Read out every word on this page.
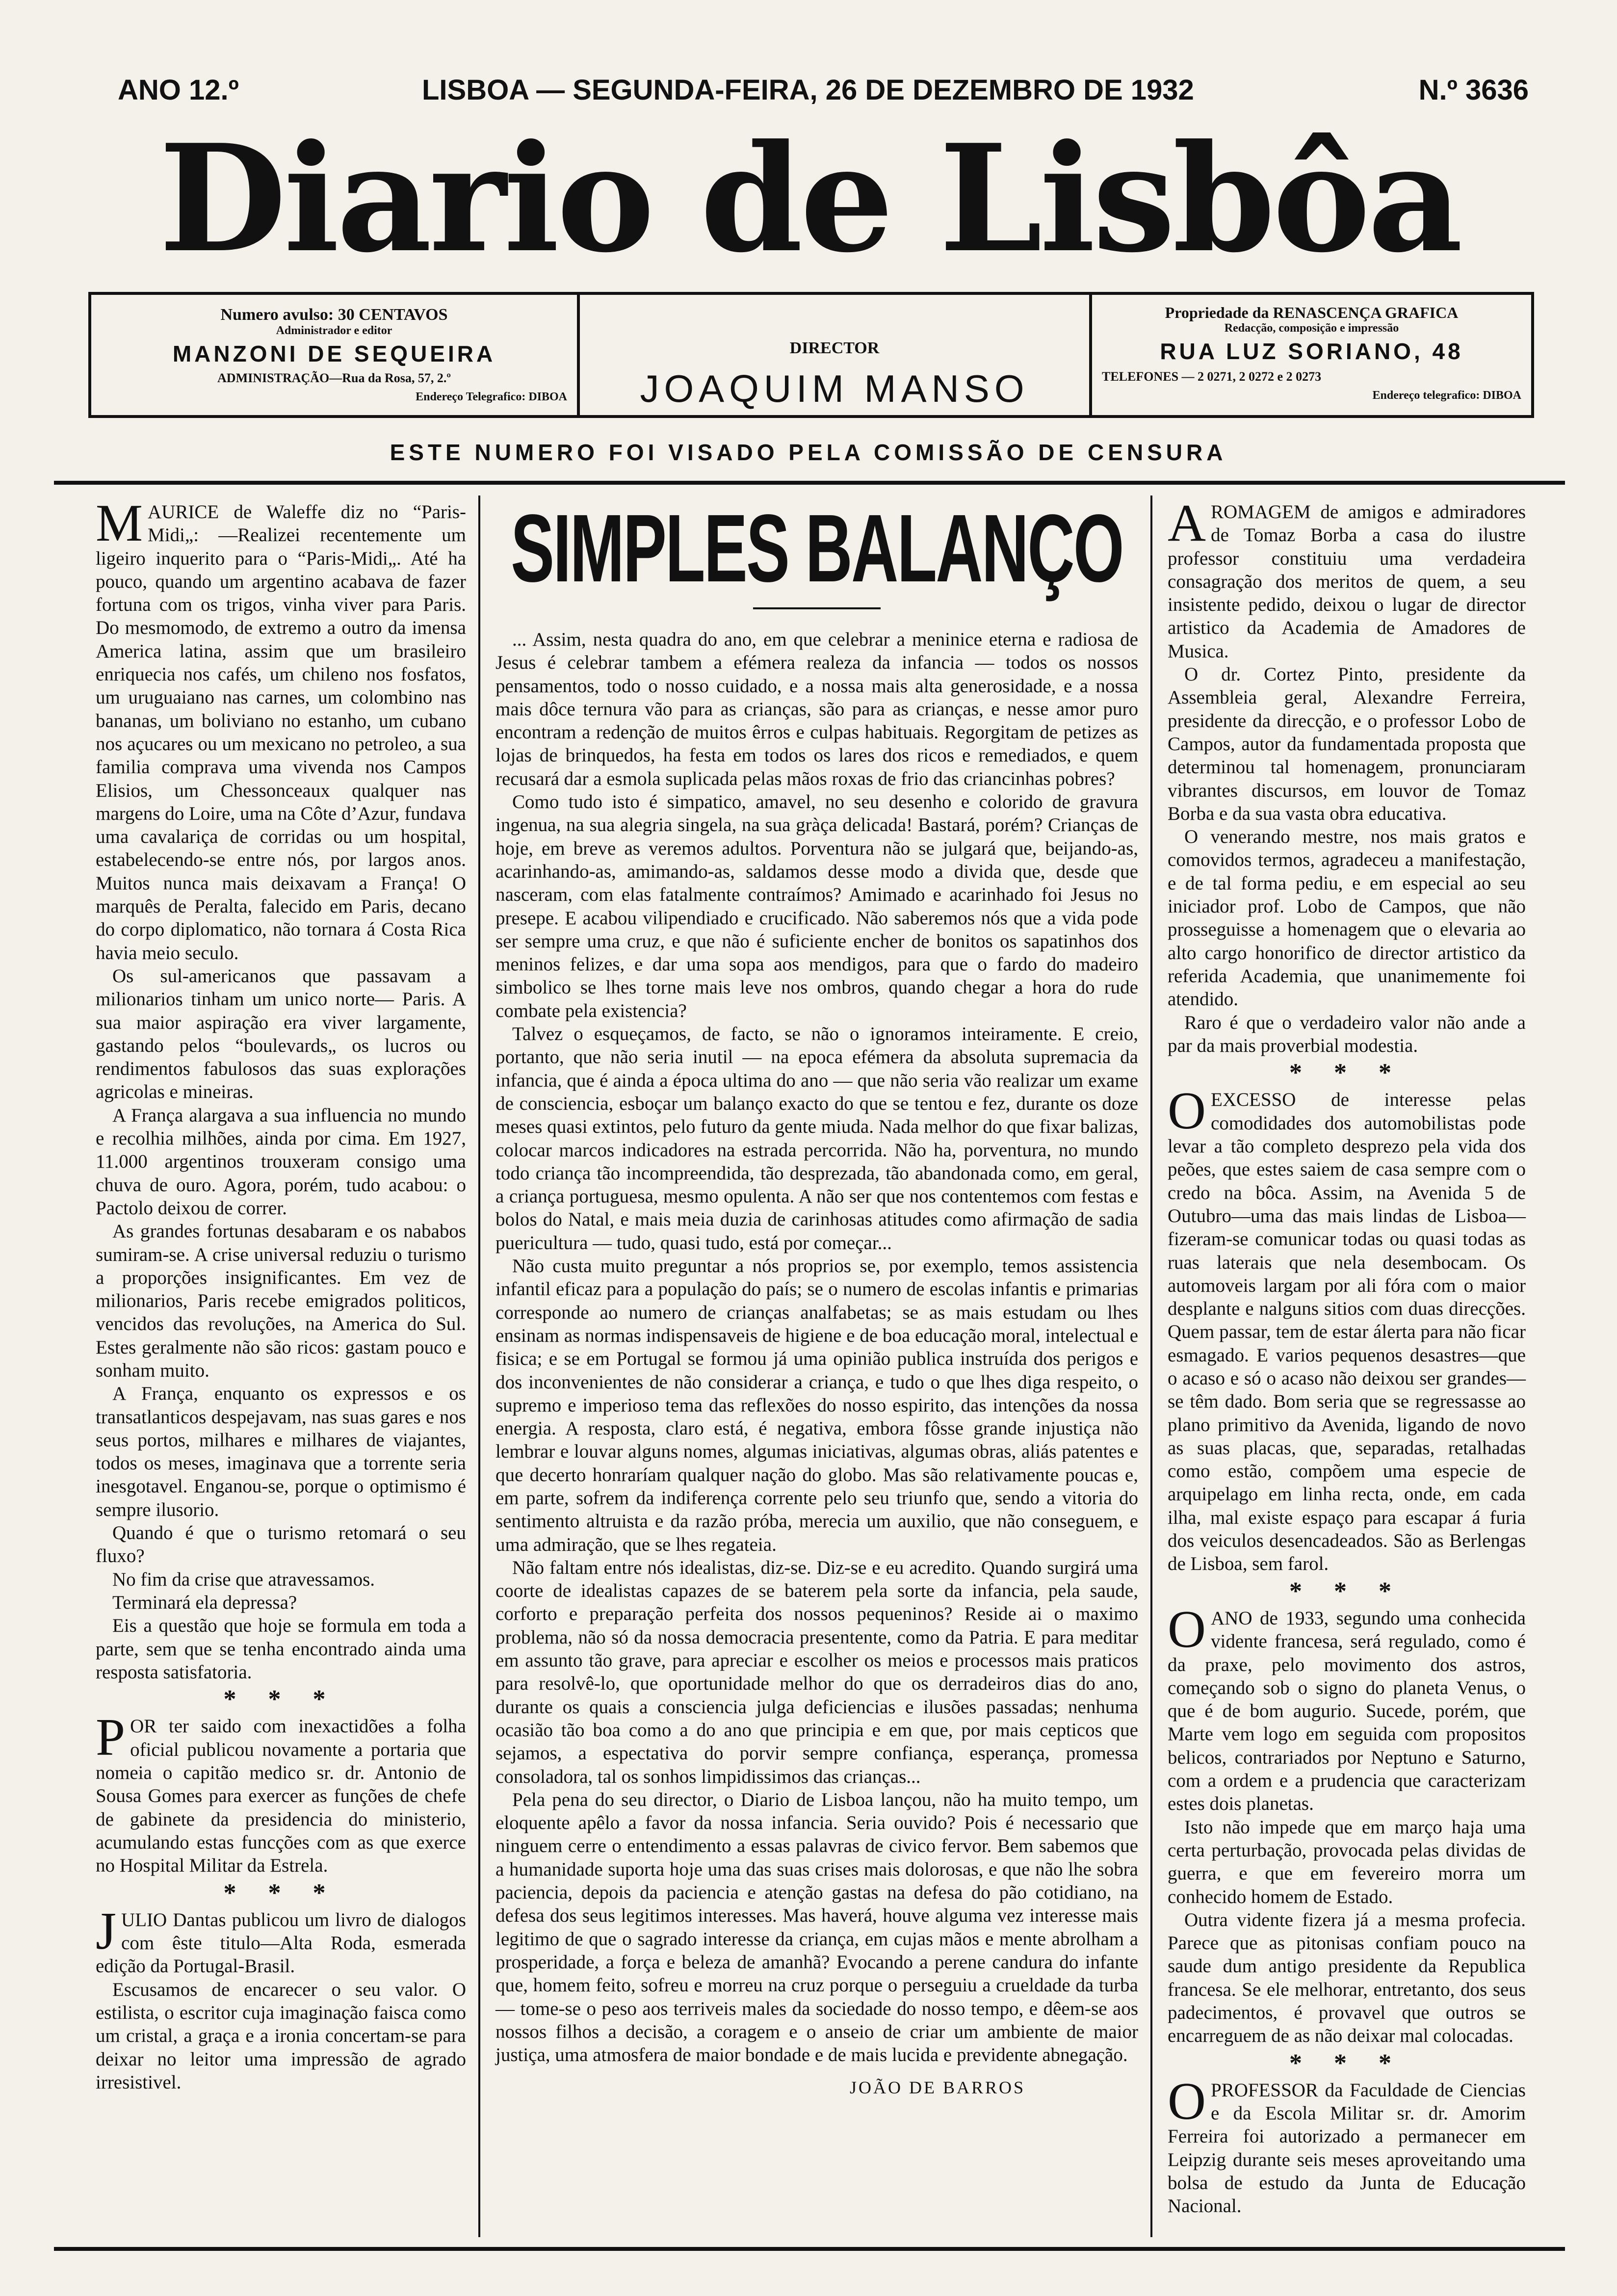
ANO 12.º	LISBOA — SEGUNDA-FEIRA, 26 DE DEZEMBRO DE 1932	N.º 3636
Diario de Lisbôa
Numero avulso: 30 CENTAVOS
Administrador e editor
MANZONI DE SEQUEIRA
ADMINISTRAÇÃO—Rua da Rosa, 57, 2.º
Endereço Telegrafico: DIBOA
DIRECTOR
JOAQUIM MANSO
Propriedade da RENASCENÇA GRAFICA
Redacção, composição e impressão
RUA LUZ SORIANO, 48
TELEFONES — 2 0271, 2 0272 e 2 0273
Endereço telegrafico: DIBOA
ESTE NUMERO FOI VISADO PELA COMISSÃO DE CENSURA

MAURICE de Waleffe diz no “Paris-Midi„: —Realizei recentemente um ligeiro inquerito para o “Paris-Midi„. Até ha pouco, quando um argentino acabava de fazer fortuna com os trigos, vinha viver para Paris. Do mesmomodo, de extremo a outro da imensa America latina, assim que um brasileiro enriquecia nos cafés, um chileno nos fosfatos, um uruguaiano nas carnes, um colombino nas bananas, um boliviano no estanho, um cubano nos açucares ou um mexicano no petroleo, a sua familia comprava uma vivenda nos Campos Elisios, um Chessonceaux qualquer nas margens do Loire, uma na Côte d’Azur, fundava uma cavalariça de corridas ou um hospital, estabelecendo-se entre nós, por largos anos. Muitos nunca mais deixavam a França! O marquês de Peralta, falecido em Paris, decano do corpo diplomatico, não tornara á Costa Rica havia meio seculo.

Os sul-americanos que passavam a milionarios tinham um unico norte— Paris. A sua maior aspiração era viver largamente, gastando pelos “boulevards„ os lucros ou rendimentos fabulosos das suas explorações agricolas e mineiras.

A França alargava a sua influencia no mundo e recolhia milhões, ainda por cima. Em 1927, 11.000 argentinos trouxeram consigo uma chuva de ouro. Agora, porém, tudo acabou: o Pactolo deixou de correr.

As grandes fortunas desabaram e os nababos sumiram-se. A crise universal reduziu o turismo a proporções insignificantes. Em vez de milionarios, Paris recebe emigrados politicos, vencidos das revoluções, na America do Sul. Estes geralmente não são ricos: gastam pouco e sonham muito.

A França, enquanto os expressos e os transatlanticos despejavam, nas suas gares e nos seus portos, milhares e milhares de viajantes, todos os meses, imaginava que a torrente seria inesgotavel. Enganou-se, porque o optimismo é sempre ilusorio.

Quando é que o turismo retomará o seu fluxo?

No fim da crise que atravessamos.

Terminará ela depressa?

Eis a questão que hoje se formula em toda a parte, sem que se tenha encontrado ainda uma resposta satisfatoria.

* * *

POR ter saido com inexactidões a folha oficial publicou novamente a portaria que nomeia o capitão medico sr. dr. Antonio de Sousa Gomes para exercer as funções de chefe de gabinete da presidencia do ministerio, acumulando estas funcções com as que exerce no Hospital Militar da Estrela.

* * *

JULIO Dantas publicou um livro de dialogos com êste titulo—Alta Roda, esmerada edição da Portugal-Brasil.

Escusamos de encarecer o seu valor. O estilista, o escritor cuja imaginação faisca como um cristal, a graça e a ironia concertam-se para deixar no leitor uma impressão de agrado irresistivel.

SIMPLES BALANÇO

... Assim, nesta quadra do ano, em que celebrar a meninice eterna e radiosa de Jesus é celebrar tambem a efémera realeza da infancia — todos os nossos pensamentos, todo o nosso cuidado, e a nossa mais alta generosidade, e a nossa mais dôce ternura vão para as crianças, são para as crianças, e nesse amor puro encontram a redenção de muitos êrros e culpas habituais. Regorgitam de petizes as lojas de brinquedos, ha festa em todos os lares dos ricos e remediados, e quem recusará dar a esmola suplicada pelas mãos roxas de frio das criancinhas pobres?

Como tudo isto é simpatico, amavel, no seu desenho e colorido de gravura ingenua, na sua alegria singela, na sua gràça delicada! Bastará, porém? Crianças de hoje, em breve as veremos adultos. Porventura não se julgará que, beijando-as, acarinhando-as, amimando-as, saldamos desse modo a divida que, desde que nasceram, com elas fatalmente contraímos? Amimado e acarinhado foi Jesus no presepe. E acabou vilipendiado e crucificado. Não saberemos nós que a vida pode ser sempre uma cruz, e que não é suficiente encher de bonitos os sapatinhos dos meninos felizes, e dar uma sopa aos mendigos, para que o fardo do madeiro simbolico se lhes torne mais leve nos ombros, quando chegar a hora do rude combate pela existencia?

Talvez o esqueçamos, de facto, se não o ignoramos inteiramente. E creio, portanto, que não seria inutil — na epoca efémera da absoluta supremacia da infancia, que é ainda a época ultima do ano — que não seria vão realizar um exame de consciencia, esboçar um balanço exacto do que se tentou e fez, durante os doze meses quasi extintos, pelo futuro da gente miuda. Nada melhor do que fixar balizas, colocar marcos indicadores na estrada percorrida. Não ha, porventura, no mundo todo criança tão incompreendida, tão desprezada, tão abandonada como, em geral, a criança portuguesa, mesmo opulenta. A não ser que nos contentemos com festas e bolos do Natal, e mais meia duzia de carinhosas atitudes como afirmação de sadia puericultura — tudo, quasi tudo, está por começar...

Não custa muito preguntar a nós proprios se, por exemplo, temos assistencia infantil eficaz para a população do país; se o numero de escolas infantis e primarias corresponde ao numero de crianças analfabetas; se as mais estudam ou lhes ensinam as normas indispensaveis de higiene e de boa educação moral, intelectual e fisica; e se em Portugal se formou já uma opinião publica instruída dos perigos e dos inconvenientes de não considerar a criança, e tudo o que lhes diga respeito, o supremo e imperioso tema das reflexões do nosso espirito, das intenções da nossa energia. A resposta, claro está, é negativa, embora fôsse grande injustiça não lembrar e louvar alguns nomes, algumas iniciativas, algumas obras, aliás patentes e que decerto honraríam qualquer nação do globo. Mas são relativamente poucas e, em parte, sofrem da indiferença corrente pelo seu triunfo que, sendo a vitoria do sentimento altruista e da razão próba, merecia um auxilio, que não conseguem, e uma admiração, que se lhes regateia.

Não faltam entre nós idealistas, diz-se. Diz-se e eu acredito. Quando surgirá uma coorte de idealistas capazes de se baterem pela sorte da infancia, pela saude, corforto e preparação perfeita dos nossos pequeninos? Reside ai o maximo problema, não só da nossa democracia presentente, como da Patria. E para meditar em assunto tão grave, para apreciar e escolher os meios e processos mais praticos para resolvê-lo, que oportunidade melhor do que os derradeiros dias do ano, durante os quais a consciencia julga deficiencias e ilusões passadas; nenhuma ocasião tão boa como a do ano que principia e em que, por mais cepticos que sejamos, a espectativa do porvir sempre confiança, esperança, promessa consoladora, tal os sonhos limpidissimos das crianças...

Pela pena do seu director, o Diario de Lisboa lançou, não ha muito tempo, um eloquente apêlo a favor da nossa infancia. Seria ouvido? Pois é necessario que ninguem cerre o entendimento a essas palavras de civico fervor. Bem sabemos que a humanidade suporta hoje uma das suas crises mais dolorosas, e que não lhe sobra paciencia, depois da paciencia e atenção gastas na defesa do pão cotidiano, na defesa dos seus legitimos interesses. Mas haverá, houve alguma vez interesse mais legitimo de que o sagrado interesse da criança, em cujas mãos e mente abrolham a prosperidade, a força e beleza de amanhã? Evocando a perene candura do infante que, homem feito, sofreu e morreu na cruz porque o perseguiu a crueldade da turba — tome-se o peso aos terriveis males da sociedade do nosso tempo, e dêem-se aos nossos filhos a decisão, a coragem e o anseio de criar um ambiente de maior justiça, uma atmosfera de maior bondade e de mais lucida e previdente abnegação.

JOÃO DE BARROS

AROMAGEM de amigos e admiradores de Tomaz Borba a casa do ilustre professor constituiu uma verdadeira consagração dos meritos de quem, a seu insistente pedido, deixou o lugar de director artistico da Academia de Amadores de Musica.

O dr. Cortez Pinto, presidente da Assembleia geral, Alexandre Ferreira, presidente da direcção, e o professor Lobo de Campos, autor da fundamentada proposta que determinou tal homenagem, pronunciaram vibrantes discursos, em louvor de Tomaz Borba e da sua vasta obra educativa.

O venerando mestre, nos mais gratos e comovidos termos, agradeceu a manifestação, e de tal forma pediu, e em especial ao seu iniciador prof. Lobo de Campos, que não prosseguisse a homenagem que o elevaria ao alto cargo honorifico de director artistico da referida Academia, que unanimemente foi atendido.

Raro é que o verdadeiro valor não ande a par da mais proverbial modestia.

* * *

OEXCESSO de interesse pelas comodidades dos automobilistas pode levar a tão completo desprezo pela vida dos peões, que estes saiem de casa sempre com o credo na bôca. Assim, na Avenida 5 de Outubro—uma das mais lindas de Lisboa—fizeram-se comunicar todas ou quasi todas as ruas laterais que nela desembocam. Os automoveis largam por ali fóra com o maior desplante e nalguns sitios com duas direcções. Quem passar, tem de estar álerta para não ficar esmagado. E varios pequenos desastres—que o acaso e só o acaso não deixou ser grandes—se têm dado. Bom seria que se regressasse ao plano primitivo da Avenida, ligando de novo as suas placas, que, separadas, retalhadas como estão, compõem uma especie de arquipelago em linha recta, onde, em cada ilha, mal existe espaço para escapar á furia dos veiculos desencadeados. São as Berlengas de Lisboa, sem farol.

* * *

OANO de 1933, segundo uma conhecida vidente francesa, será regulado, como é da praxe, pelo movimento dos astros, começando sob o signo do planeta Venus, o que é de bom augurio. Sucede, porém, que Marte vem logo em seguida com propositos belicos, contrariados por Neptuno e Saturno, com a ordem e a prudencia que caracterizam estes dois planetas.

Isto não impede que em março haja uma certa perturbação, provocada pelas dividas de guerra, e que em fevereiro morra um conhecido homem de Estado.

Outra vidente fizera já a mesma profecia. Parece que as pitonisas confiam pouco na saude dum antigo presidente da Republica francesa. Se ele melhorar, entretanto, dos seus padecimentos, é provavel que outros se encarreguem de as não deixar mal colocadas.

* * *

OPROFESSOR da Faculdade de Ciencias e da Escola Militar sr. dr. Amorim Ferreira foi autorizado a permanecer em Leipzig durante seis meses aproveitando uma bolsa de estudo da Junta de Educação Nacional.
